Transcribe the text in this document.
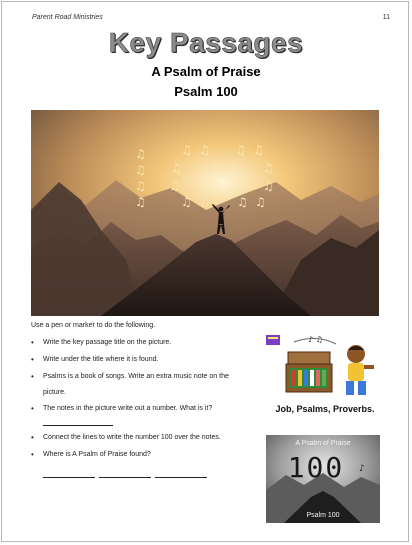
Parent Road Ministries	11
Key Passages
A Psalm of Praise
Psalm 100
♫
♫
♫
♫
♫ ♫
♫ ♫
♫ ♫
♫ ♫
♫ ♫
♫ ♫
♫ ♫
♫ ♫
Use a pen or marker to do the following.
• Write the key passage title on the picture.
• Write under the title where it is found.
• Psalms is a book of songs. Write an extra music note on the
picture.
• The notes in the picture write out a number. What is it?
• Connect the lines to write the number 100 over the notes.
• Where is A Psalm of Praise found?
♪ ♫
Job, Psalms, Proverbs.
A Psalm of Praise
100 ♪
Psalm 100
